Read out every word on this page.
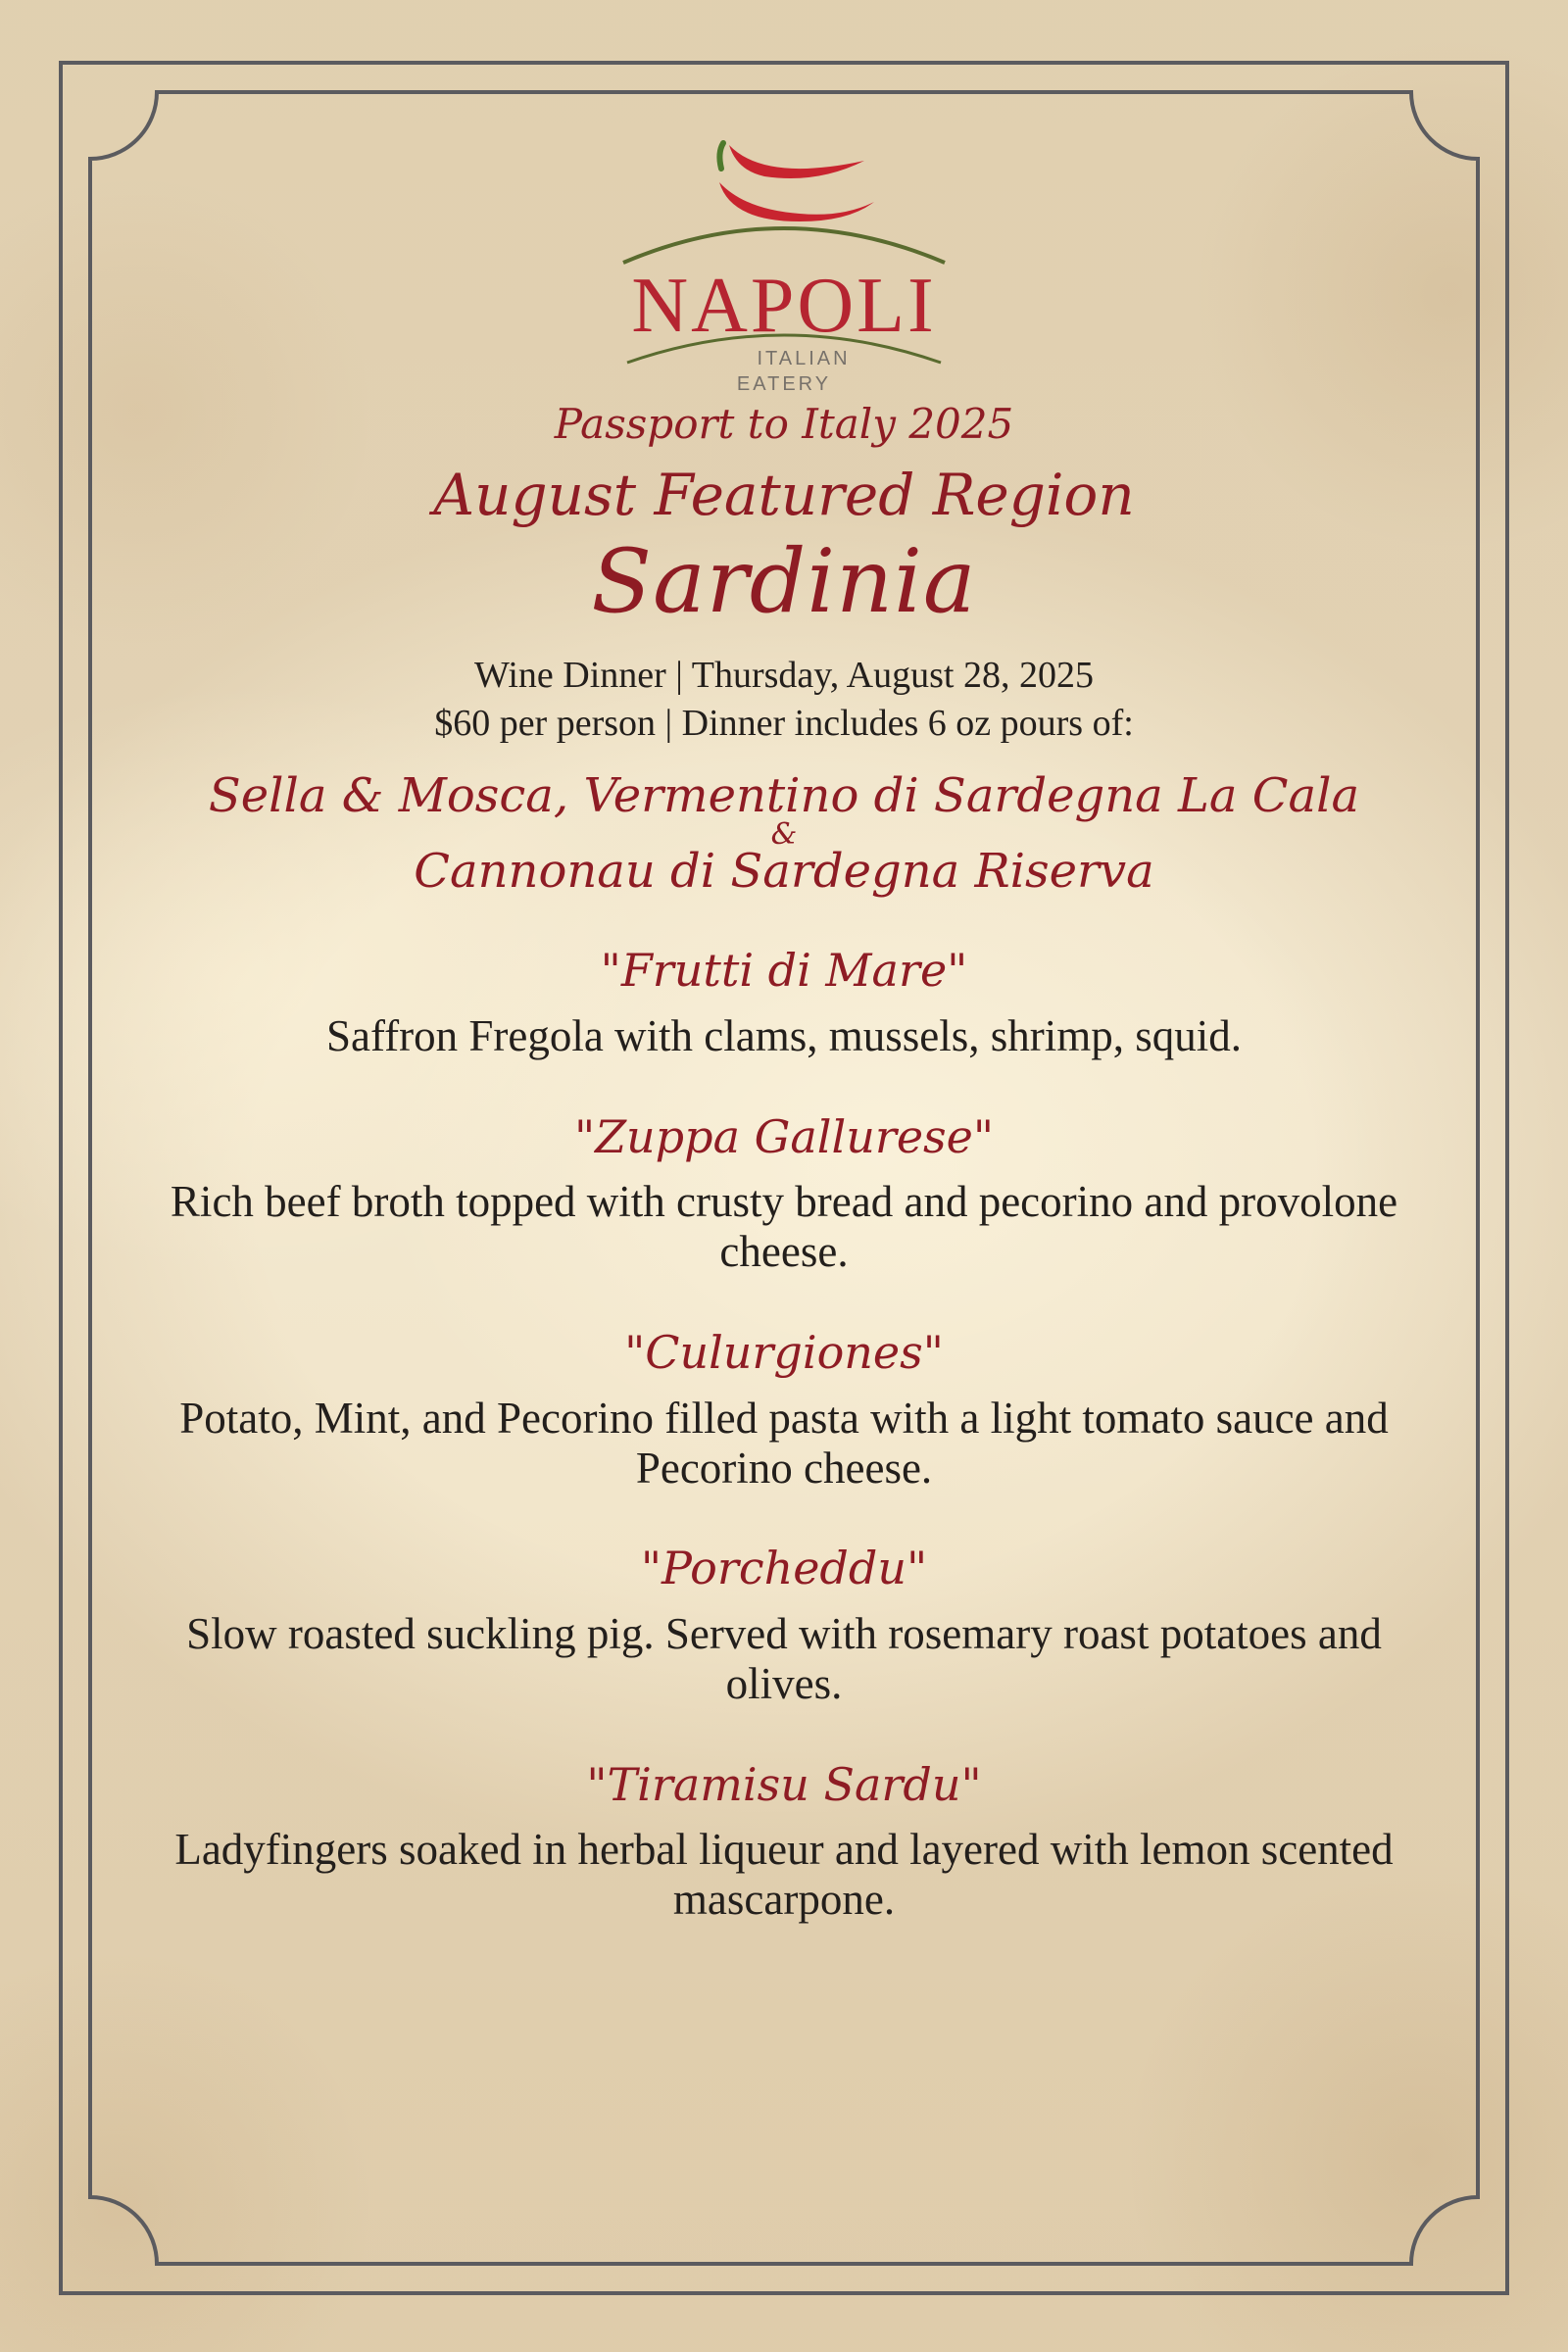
NAPOLI
ITALIAN
EATERY

Passport to Italy 2025

August Featured Region

Sardinia

Wine Dinner | Thursday, August 28, 2025

$60 per person | Dinner includes 6 oz pours of:

Sella & Mosca, Vermentino di Sardegna La Cala

&

Cannonau di Sardegna Riserva

"Frutti di Mare"

Saffron Fregola with clams, mussels, shrimp, squid.

"Zuppa Gallurese"

Rich beef broth topped with crusty bread and pecorino and provolone cheese.

"Culurgiones"

Potato, Mint, and Pecorino filled pasta with a light tomato sauce and Pecorino cheese.

"Porcheddu"

Slow roasted suckling pig. Served with rosemary roast potatoes and olives.

"Tiramisu Sardu"

Ladyfingers soaked in herbal liqueur and layered with lemon scented mascarpone.
